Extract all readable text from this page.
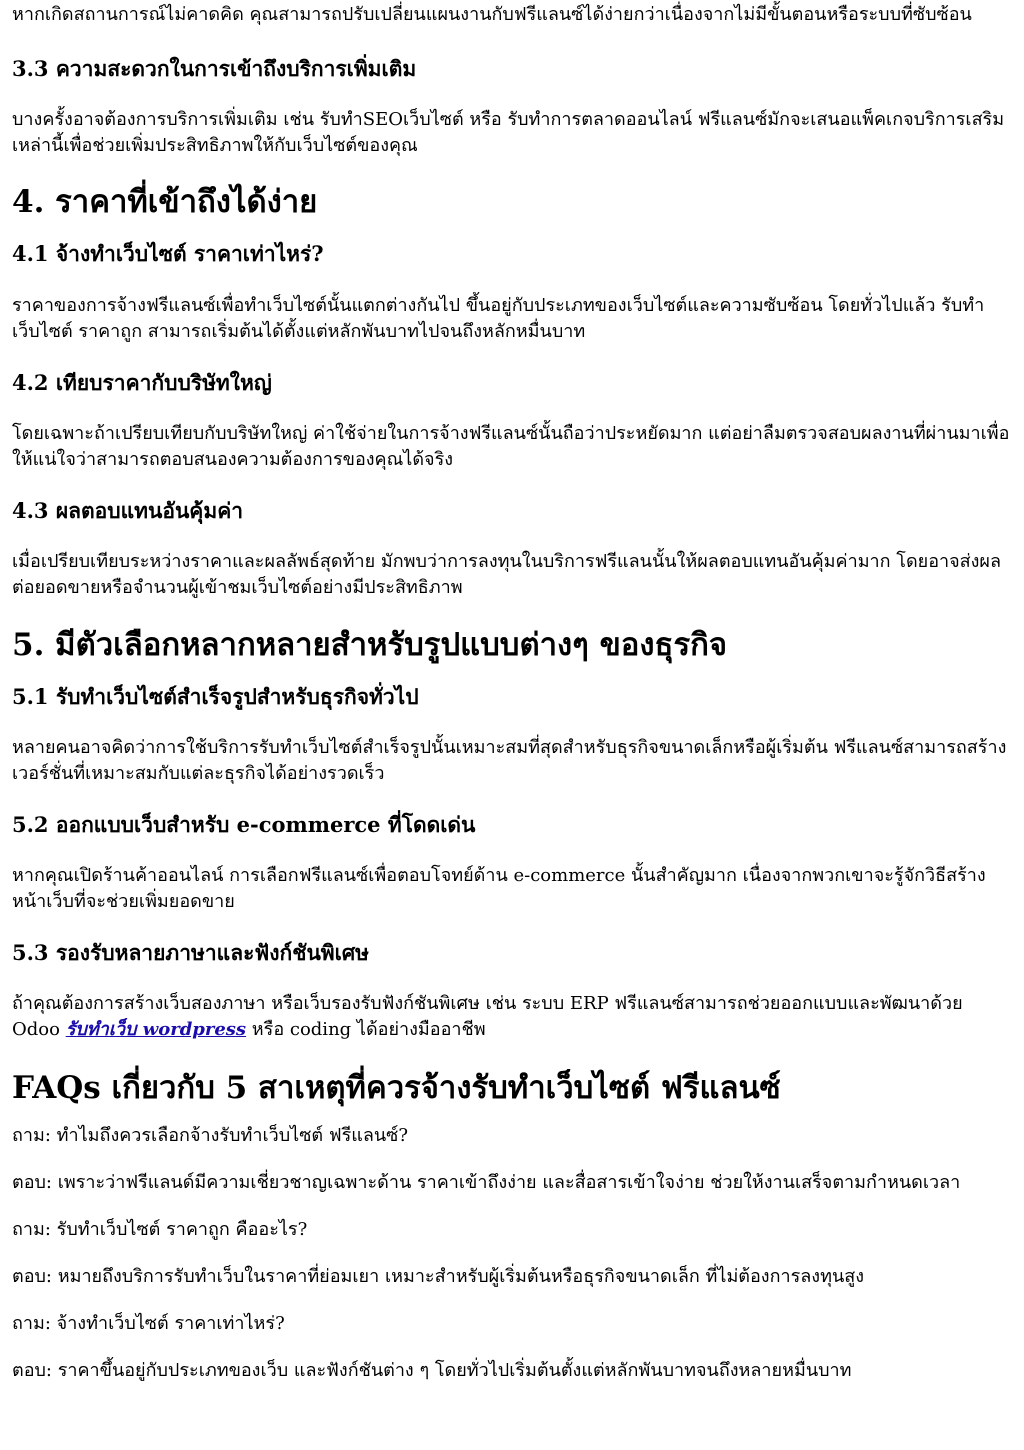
หากเกิดสถานการณ์ไม่คาดคิด คุณสามารถปรับเปลี่ยนแผนงานกับฟรีแลนซ์ได้ง่ายกว่าเนื่องจากไม่มีขั้นตอนหรือระบบที่ซับซ้อน

3.3 ความสะดวกในการเข้าถึงบริการเพิ่มเติม

บางครั้งอาจต้องการบริการเพิ่มเติม เช่น รับทำSEOเว็บไซต์ หรือ รับทำการตลาดออนไลน์ ฟรีแลนซ์มักจะเสนอแพ็คเกจบริการเสริมเหล่านี้เพื่อช่วยเพิ่มประสิทธิภาพให้กับเว็บไซต์ของคุณ

4. ราคาที่เข้าถึงได้ง่าย
4.1 จ้างทำเว็บไซต์ ราคาเท่าไหร่?

ราคาของการจ้างฟรีแลนซ์เพื่อทำเว็บไซต์นั้นแตกต่างกันไป ขึ้นอยู่กับประเภทของเว็บไซต์และความซับซ้อน โดยทั่วไปแล้ว รับทำเว็บไซต์ ราคาถูก สามารถเริ่มต้นได้ตั้งแต่หลักพันบาทไปจนถึงหลักหมื่นบาท

4.2 เทียบราคากับบริษัทใหญ่

โดยเฉพาะถ้าเปรียบเทียบกับบริษัทใหญ่ ค่าใช้จ่ายในการจ้างฟรีแลนซ์นั้นถือว่าประหยัดมาก แต่อย่าลืมตรวจสอบผลงานที่ผ่านมาเพื่อให้แน่ใจว่าสามารถตอบสนองความต้องการของคุณได้จริง

4.3 ผลตอบแทนอันคุ้มค่า

เมื่อเปรียบเทียบระหว่างราคาและผลลัพธ์สุดท้าย มักพบว่าการลงทุนในบริการฟรีแลนนั้นให้ผลตอบแทนอันคุ้มค่ามาก โดยอาจส่งผลต่อยอดขายหรือจำนวนผู้เข้าชมเว็บไซต์อย่างมีประสิทธิภาพ

5. มีตัวเลือกหลากหลายสำหรับรูปแบบต่างๆ ของธุรกิจ
5.1 รับทำเว็บไซต์สำเร็จรูปสำหรับธุรกิจทั่วไป

หลายคนอาจคิดว่าการใช้บริการรับทำเว็บไซต์สำเร็จรูปนั้นเหมาะสมที่สุดสำหรับธุรกิจขนาดเล็กหรือผู้เริ่มต้น ฟรีแลนซ์สามารถสร้างเวอร์ชั่นที่เหมาะสมกับแต่ละธุรกิจได้อย่างรวดเร็ว

5.2 ออกแบบเว็บสำหรับ e-commerce ที่โดดเด่น

หากคุณเปิดร้านค้าออนไลน์ การเลือกฟรีแลนซ์เพื่อตอบโจทย์ด้าน e-commerce นั้นสำคัญมาก เนื่องจากพวกเขาจะรู้จักวิธีสร้างหน้าเว็บที่จะช่วยเพิ่มยอดขาย

5.3 รองรับหลายภาษาและฟังก์ชันพิเศษ

ถ้าคุณต้องการสร้างเว็บสองภาษา หรือเว็บรองรับฟังก์ชันพิเศษ เช่น ระบบ ERP ฟรีแลนซ์สามารถช่วยออกแบบและพัฒนาด้วย Odoo รับทำเว็บ wordpress หรือ coding ได้อย่างมืออาชีพ

FAQs เกี่ยวกับ 5 สาเหตุที่ควรจ้างรับทำเว็บไซต์ ฟรีแลนซ์

ถาม: ทำไมถึงควรเลือกจ้างรับทำเว็บไซต์ ฟรีแลนซ์?

ตอบ: เพราะว่าฟรีแลนด์มีความเชี่ยวชาญเฉพาะด้าน ราคาเข้าถึงง่าย และสื่อสารเข้าใจง่าย ช่วยให้งานเสร็จตามกำหนดเวลา

ถาม: รับทำเว็บไซต์ ราคาถูก คืออะไร?

ตอบ: หมายถึงบริการรับทำเว็บในราคาที่ย่อมเยา เหมาะสำหรับผู้เริ่มต้นหรือธุรกิจขนาดเล็ก ที่ไม่ต้องการลงทุนสูง

ถาม: จ้างทำเว็บไซต์ ราคาเท่าไหร่?

ตอบ: ราคาขึ้นอยู่กับประเภทของเว็บ และฟังก์ชันต่าง ๆ โดยทั่วไปเริ่มต้นตั้งแต่หลักพันบาทจนถึงหลายหมื่นบาท
